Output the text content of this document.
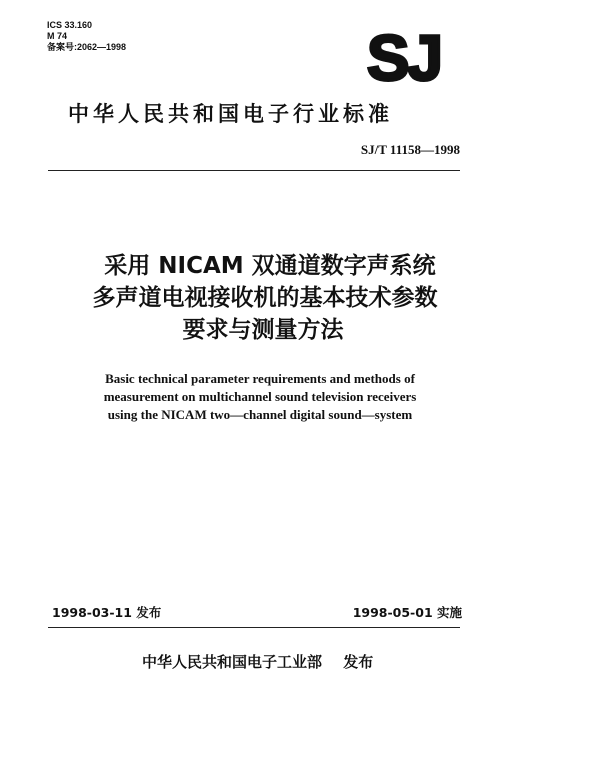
ICS 33.160
M 74
备案号:2062—1998	SJ
中华人民共和国电子行业标准
SJ/T 11158—1998
采用 NICAM 双通道数字声系统
多声道电视接收机的基本技术参数
要求与测量方法
Basic technical parameter requirements and methods of
measurement on multichannel sound television receivers
using the NICAM two—channel digital sound—system
1998-03-11 发布	1998-05-01 实施
中华人民共和国电子工业部 发布
